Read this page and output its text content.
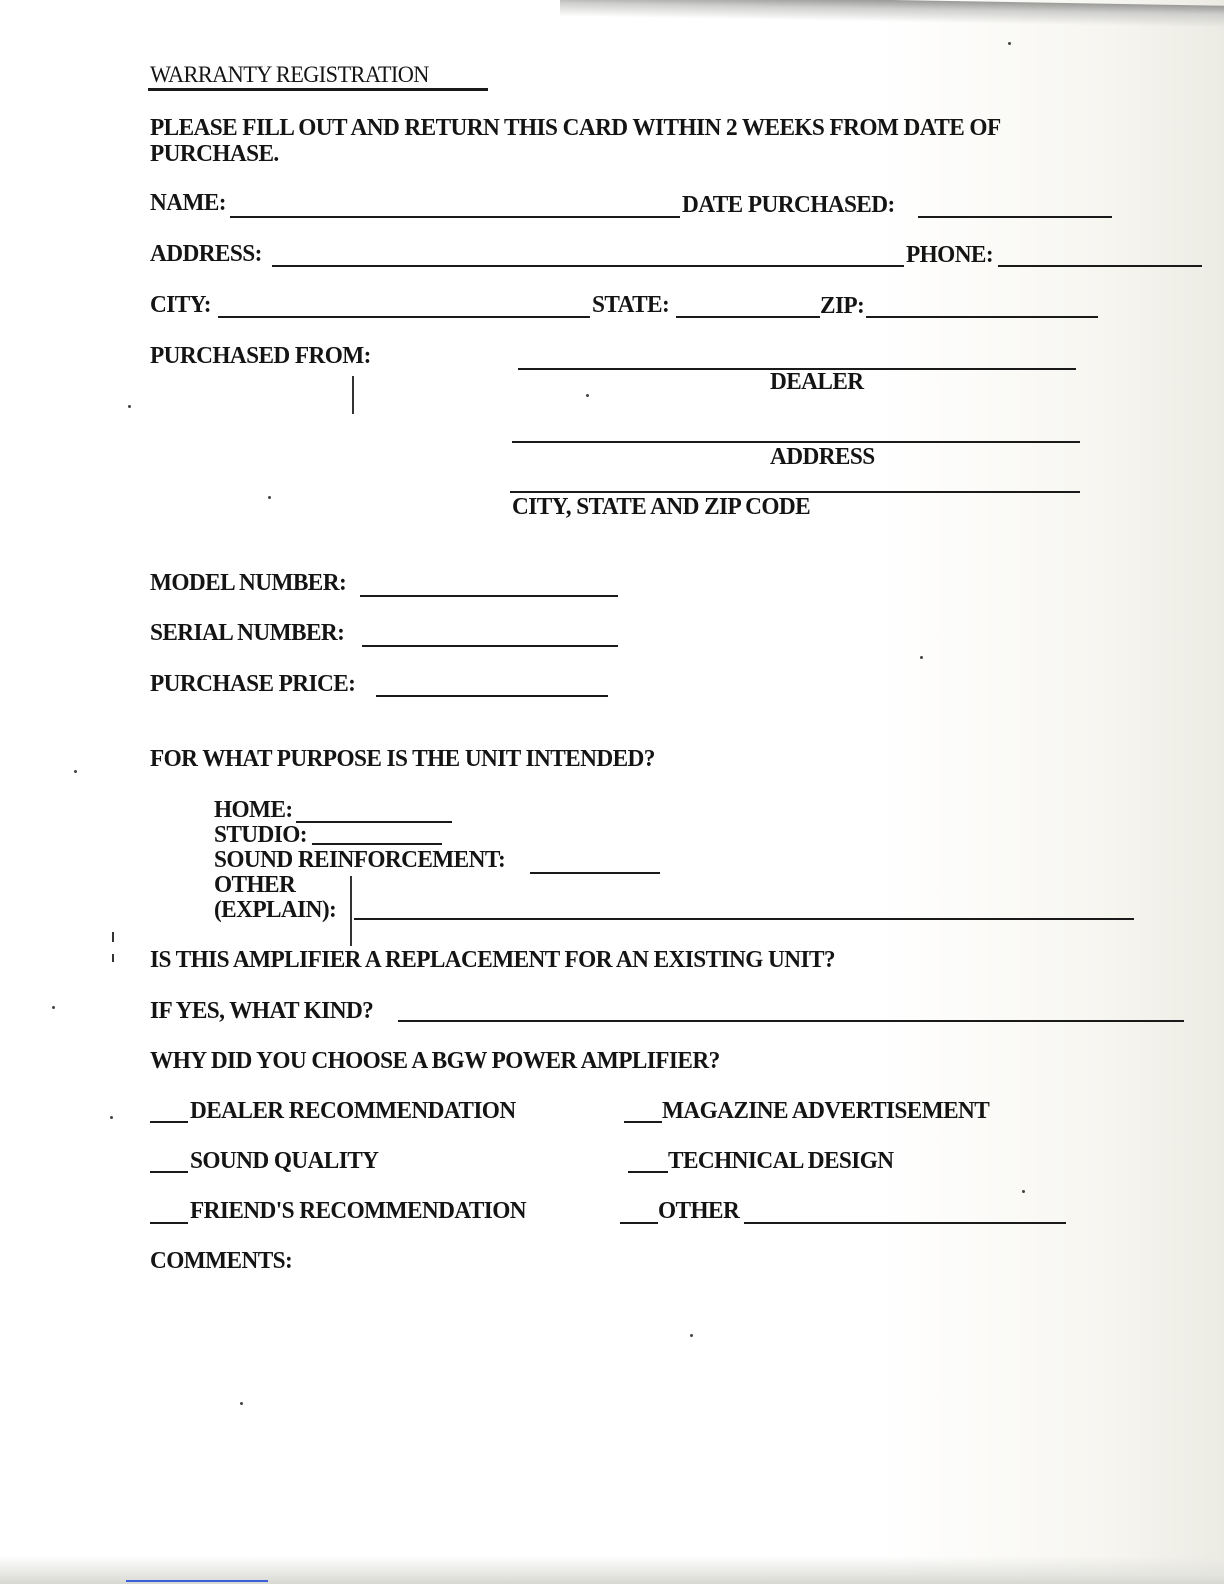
WARRANTY REGISTRATION
PLEASE FILL OUT AND RETURN THIS CARD WITHIN 2 WEEKS FROM DATE OF
PURCHASE.
NAME:	DATE PURCHASED:
ADDRESS:	PHONE:
CITY:	STATE:	ZIP:
PURCHASED FROM:
DEALER
ADDRESS
CITY, STATE AND ZIP CODE
MODEL NUMBER:
SERIAL NUMBER:
PURCHASE PRICE:
FOR WHAT PURPOSE IS THE UNIT INTENDED?
HOME:
STUDIO:
SOUND REINFORCEMENT:
OTHER
(EXPLAIN):
IS THIS AMPLIFIER A REPLACEMENT FOR AN EXISTING UNIT?
IF YES, WHAT KIND?
WHY DID YOU CHOOSE A BGW POWER AMPLIFIER?
DEALER RECOMMENDATION	MAGAZINE ADVERTISEMENT
SOUND QUALITY	TECHNICAL DESIGN
FRIEND'S RECOMMENDATION	OTHER
COMMENTS:
